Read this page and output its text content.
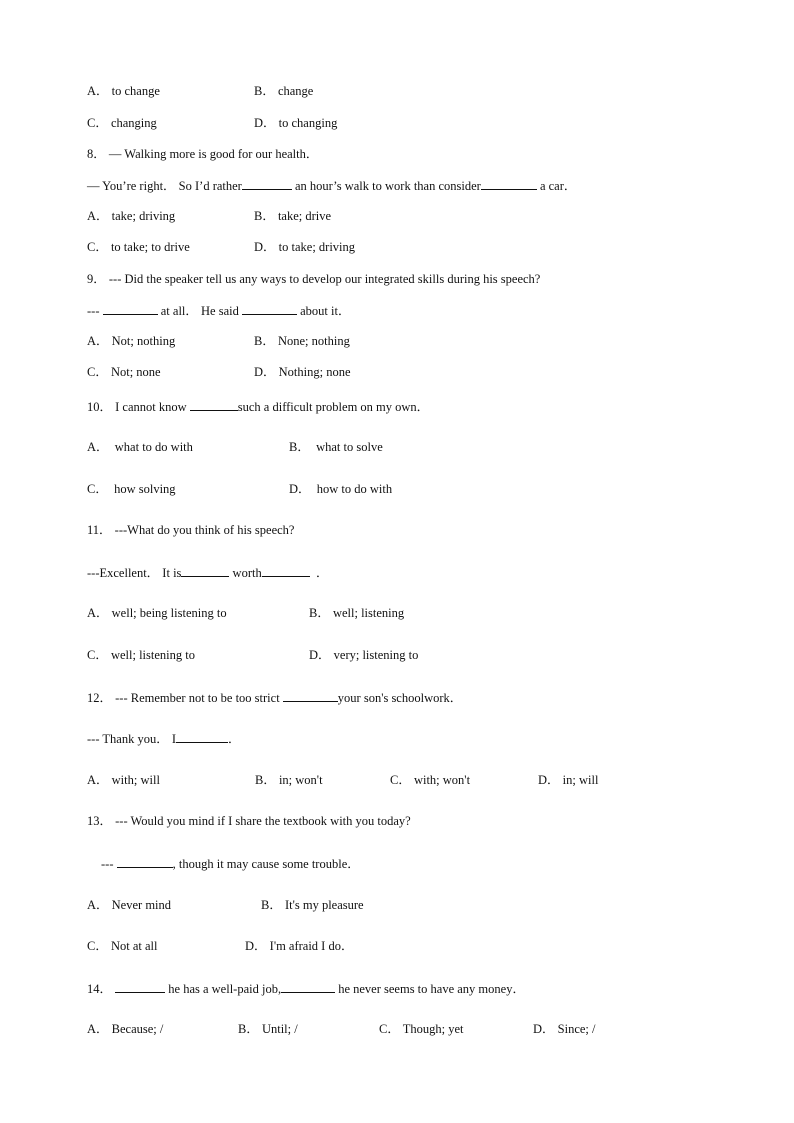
A． to change	B． change
C． changing	D． to changing
8． — Walking more is good for our health．
— You’re right． So I’d rather	an hour’s walk to work than consider	a car．
A． take; driving	B． take; drive
C． to take; to drive	D． to take; driving
9． --- Did the speaker tell us any ways to develop our integrated skills during his speech?
---	at all． He said	about it．
A． Not; nothing	B． None; nothing
C． Not; none	D． Nothing; none
10． I cannot know	such a difficult problem on my own．
A．  what to do with	B．  what to solve
C．  how solving	D．  how to do with
11． ---What do you think of his speech?
---Excellent． It is	worth	．
A． well; being listening to	B． well; listening
C． well; listening to	D． very; listening to
12． --- Remember not to be too strict	your son's schoolwork．
--- Thank you． I	．
A． with; will	B． in; won't	C． with; won't	D． in; will
13． --- Would you mind if I share the textbook with you today?
---	, though it may cause some trouble．
A． Never mind	B． It's my pleasure
C． Not at all	D． I'm afraid I do．
14．	he has a well-paid job,	he never seems to have any money．
A． Because; /	B． Until; /	C． Though; yet	D． Since; /
